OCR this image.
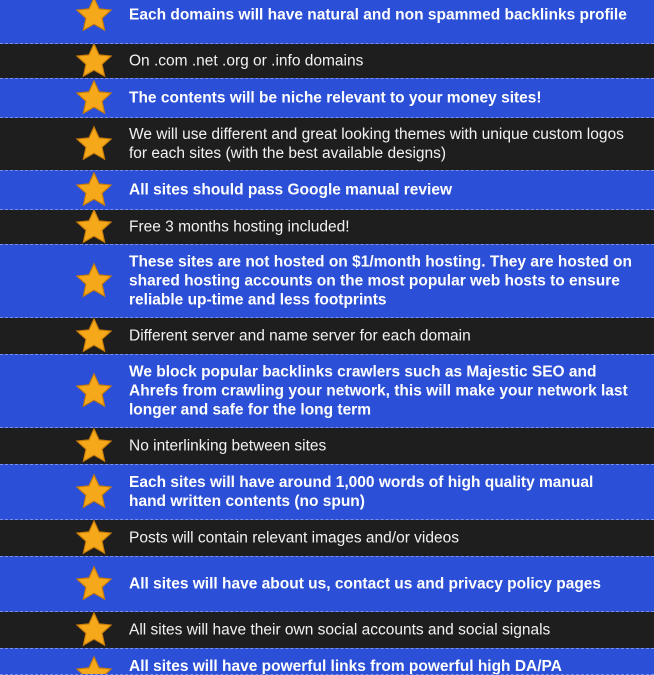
Each domains will have natural and non spammed backlinks profile
On .com .net .org or .info domains
The contents will be niche relevant to your money sites!
We will use different and great looking themes with unique custom logos for each sites (with the best available designs)
All sites should pass Google manual review
Free 3 months hosting included!
These sites are not hosted on $1/month hosting. They are hosted on shared hosting accounts on the most popular web hosts to ensure reliable up-time and less footprints
Different server and name server for each domain
We block popular backlinks crawlers such as Majestic SEO and Ahrefs from crawling your network, this will make your network last longer and safe for the long term
No interlinking between sites
Each sites will have around 1,000 words of high quality manual hand written contents (no spun)
Posts will contain relevant images and/or videos
All sites will have about us, contact us and privacy policy pages
All sites will have their own social accounts and social signals
All sites will have powerful links from powerful high DA/PA
